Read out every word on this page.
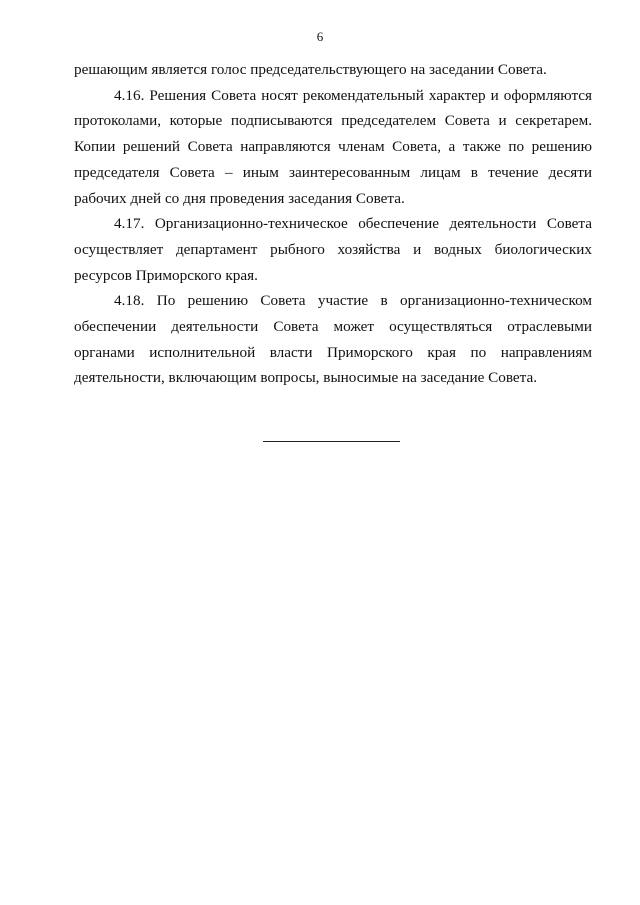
6

решающим является голос председательствующего на заседании Совета.

4.16. Решения Совета носят рекомендательный характер и оформляются протоколами, которые подписываются председателем Совета и секретарем. Копии решений Совета направляются членам Совета, а также по решению председателя Совета – иным заинтересованным лицам в течение десяти рабочих дней со дня проведения заседания Совета.

4.17. Организационно-техническое обеспечение деятельности Совета осуществляет департамент рыбного хозяйства и водных биологических ресурсов Приморского края.

4.18. По решению Совета участие в организационно-техническом обеспечении деятельности Совета может осуществляться отраслевыми органами исполнительной власти Приморского края по направлениям деятельности, включающим вопросы, выносимые на заседание Совета.
